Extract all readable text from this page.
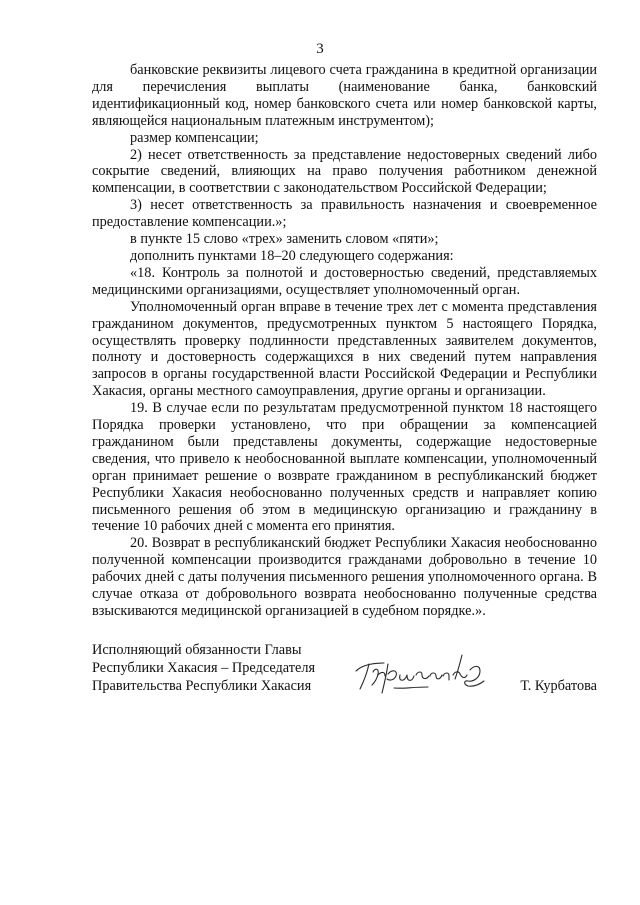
3

банковские реквизиты лицевого счета гражданина в кредитной организации для перечисления выплаты (наименование банка, банковский идентификационный код, номер банковского счета или номер банковской карты, являющейся национальным платежным инструментом);

размер компенсации;

2) несет ответственность за представление недостоверных сведений либо сокрытие сведений, влияющих на право получения работником денежной компенсации, в соответствии с законодательством Российской Федерации;

3) несет ответственность за правильность назначения и своевременное предоставление компенсации.»;

в пункте 15 слово «трех» заменить словом «пяти»;

дополнить пунктами 18–20 следующего содержания:

«18. Контроль за полнотой и достоверностью сведений, представляемых медицинскими организациями, осуществляет уполномоченный орган.

Уполномоченный орган вправе в течение трех лет с момента представления гражданином документов, предусмотренных пунктом 5 настоящего Порядка, осуществлять проверку подлинности представленных заявителем документов, полноту и достоверность содержащихся в них сведений путем направления запросов в органы государственной власти Российской Федерации и Республики Хакасия, органы местного самоуправления, другие органы и организации.

19. В случае если по результатам предусмотренной пунктом 18 настоящего Порядка проверки установлено, что при обращении за компенсацией гражданином были представлены документы, содержащие недостоверные сведения, что привело к необоснованной выплате компенсации, уполномоченный орган принимает решение о возврате гражданином в республиканский бюджет Республики Хакасия необоснованно полученных средств и направляет копию письменного решения об этом в медицинскую организацию и гражданину в течение 10 рабочих дней с момента его принятия.

20. Возврат в республиканский бюджет Республики Хакасия необоснованно полученной компенсации производится гражданами добровольно в течение 10 рабочих дней с даты получения письменного решения уполномоченного органа. В случае отказа от добровольного возврата необоснованно полученные средства взыскиваются медицинской организацией в судебном порядке.».

Исполняющий обязанности Главы
Республики Хакасия – Председателя
Правительства Республики Хакасия	Т. Курбатова
